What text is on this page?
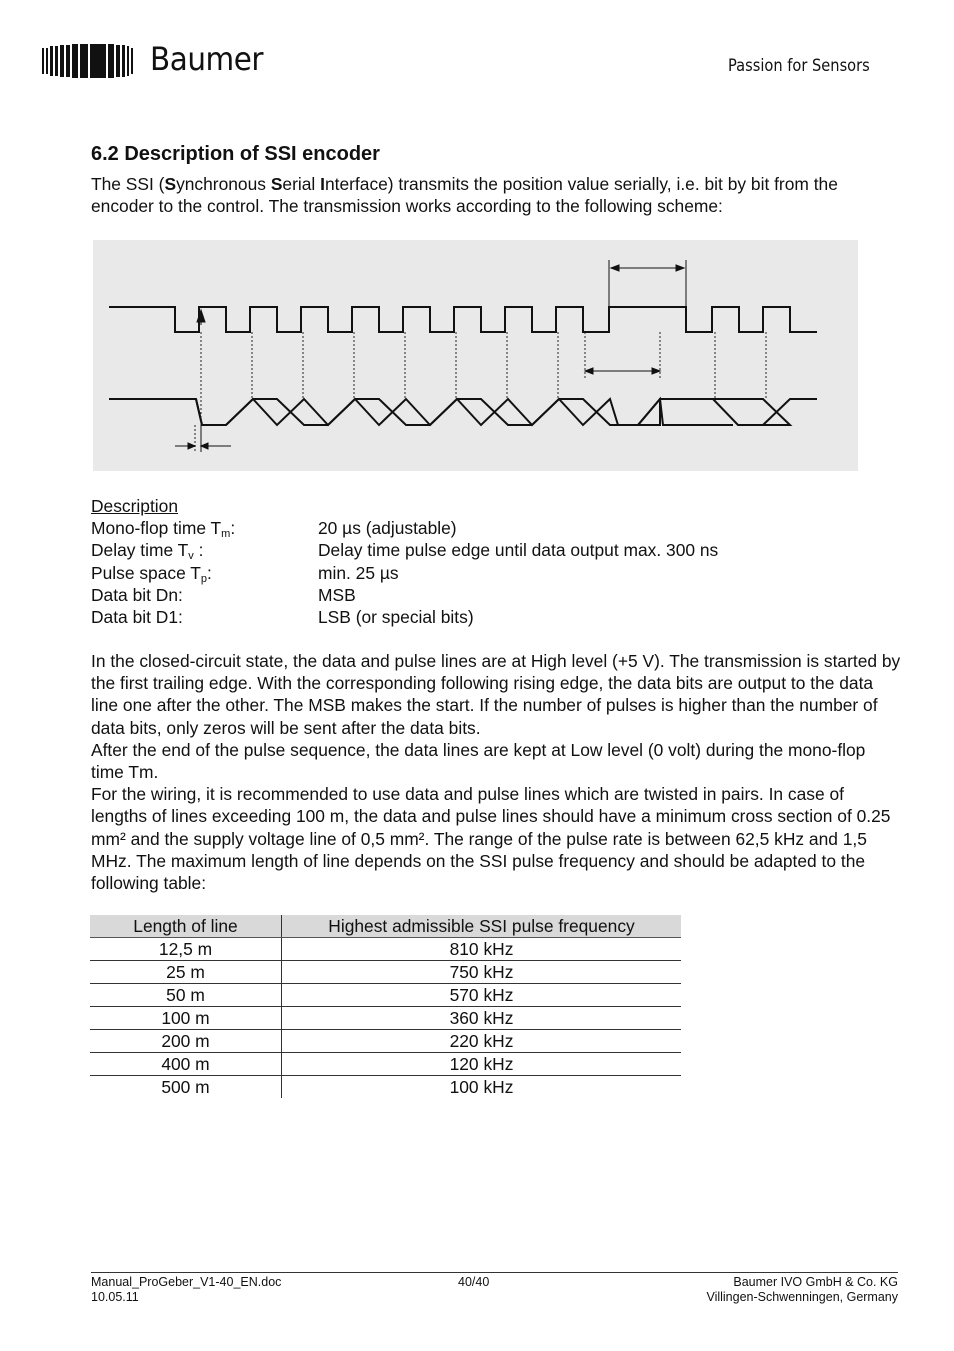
Baumer	Passion for Sensors
6.2 Description of SSI encoder
The SSI (Synchronous Serial Interface) transmits the position value serially, i.e. bit by bit from the encoder to the control. The transmission works according to the following scheme:
Description
Mono-flop time $T_m$:	20 µs (adjustable)
Delay time $T_v$ :	Delay time pulse edge until data output max. 300 ns
Pulse space $T_p$:	min. 25 µs
Data bit Dn:	MSB
Data bit D1:	LSB (or special bits)
In the closed-circuit state, the data and pulse lines are at High level (+5 V). The transmission is started by the first trailing edge. With the corresponding following rising edge, the data bits are output to the data line one after the other. The MSB makes the start. If the number of pulses is higher than the number of data bits, only zeros will be sent after the data bits.
After the end of the pulse sequence, the data lines are kept at Low level (0 volt) during the mono-flop time Tm.
For the wiring, it is recommended to use data and pulse lines which are twisted in pairs. In case of lengths of lines exceeding 100 m, the data and pulse lines should have a minimum cross section of 0.25 mm² and the supply voltage line of 0,5 mm². The range of the pulse rate is between 62,5 kHz and 1,5 MHz. The maximum length of line depends on the SSI pulse frequency and should be adapted to the following table:
Length of line	Highest admissible SSI pulse frequency
12,5 m	810 kHz
25 m	750 kHz
50 m	570 kHz
100 m	360 kHz
200 m	220 kHz
400 m	120 kHz
500 m	100 kHz
Manual_ProGeber_V1-40_EN.doc
10.05.11
40/40	Baumer IVO GmbH & Co. KG
Villingen-Schwenningen, Germany
